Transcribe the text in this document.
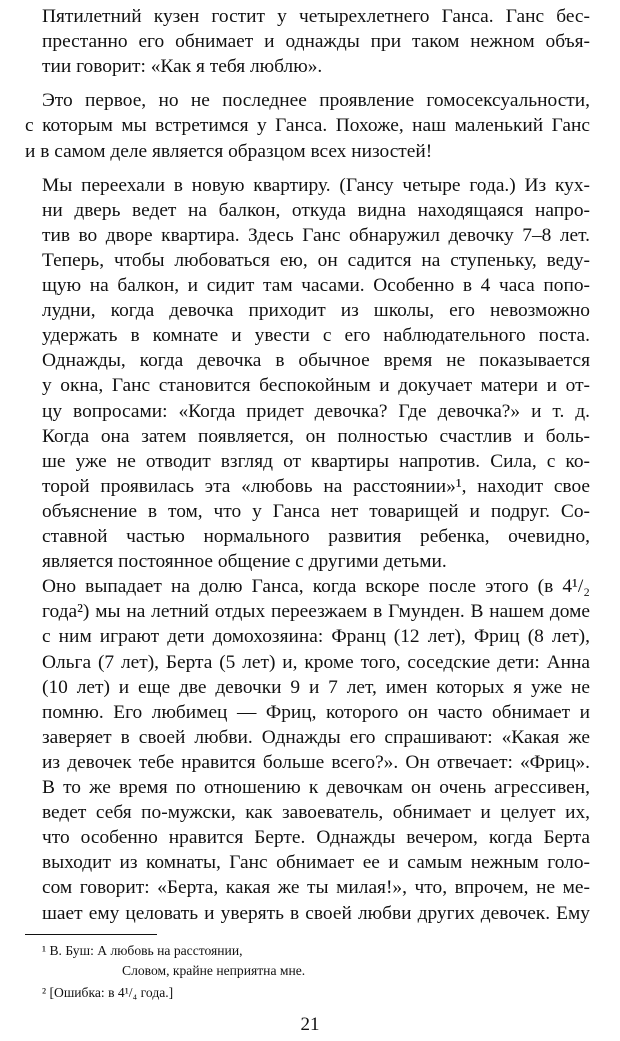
Пятилетний кузен гостит у четырехлетнего Ганса. Ганс бес-
престанно его обнимает и однажды при таком нежном объя-
тии говорит: «Как я тебя люблю».
Это первое, но не последнее проявление гомосексуальности,
с которым мы встретимся у Ганса. Похоже, наш маленький Ганс
и в самом деле является образцом всех низостей!
Мы переехали в новую квартиру. (Гансу четыре года.) Из кух-
ни дверь ведет на балкон, откуда видна находящаяся напро-
тив во дворе квартира. Здесь Ганс обнаружил девочку 7–8 лет.
Теперь, чтобы любоваться ею, он садится на ступеньку, веду-
щую на балкон, и сидит там часами. Особенно в 4 часа попо-
лудни, когда девочка приходит из школы, его невозможно
удержать в комнате и увести с его наблюдательного поста.
Однажды, когда девочка в обычное время не показывается
у окна, Ганс становится беспокойным и докучает матери и от-
цу вопросами: «Когда придет девочка? Где девочка?» и т. д.
Когда она затем появляется, он полностью счастлив и боль-
ше уже не отводит взгляд от квартиры напротив. Сила, с ко-
торой проявилась эта «любовь на расстоянии»¹, находит свое
объяснение в том, что у Ганса нет товарищей и подруг. Со-
ставной частью нормального развития ребенка, очевидно,
является постоянное общение с другими детьми.
Оно выпадает на долю Ганса, когда вскоре после этого (в 4¹/₂
года²) мы на летний отдых переезжаем в Гмунден. В нашем доме
с ним играют дети домохозяина: Франц (12 лет), Фриц (8 лет),
Ольга (7 лет), Берта (5 лет) и, кроме того, соседские дети: Анна
(10 лет) и еще две девочки 9 и 7 лет, имен которых я уже не
помню. Его любимец — Фриц, которого он часто обнимает и
заверяет в своей любви. Однажды его спрашивают: «Какая же
из девочек тебе нравится больше всего?». Он отвечает: «Фриц».
В то же время по отношению к девочкам он очень агрессивен,
ведет себя по-мужски, как завоеватель, обнимает и целует их,
что особенно нравится Берте. Однажды вечером, когда Берта
выходит из комнаты, Ганс обнимает ее и самым нежным голо-
сом говорит: «Берта, какая же ты милая!», что, впрочем, не ме-
шает ему целовать и уверять в своей любви других девочек. Ему
¹ В. Буш: А любовь на расстоянии,
Словом, крайне неприятна мне.
² [Ошибка: в 4¹/₄ года.]
21
